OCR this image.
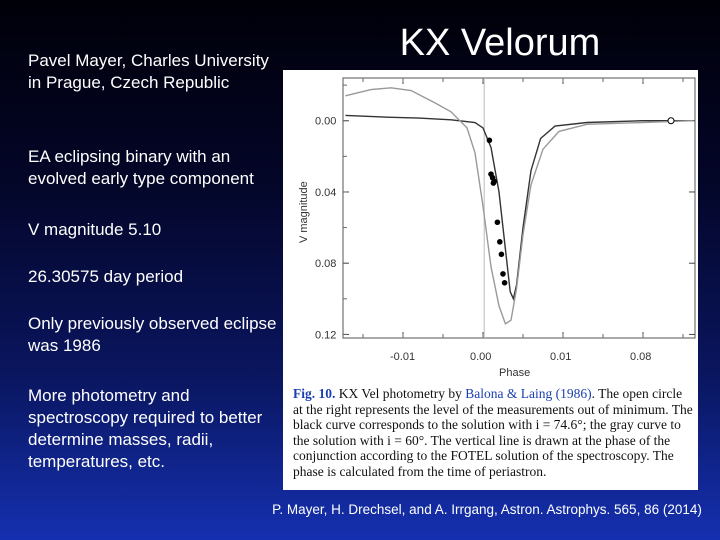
KX Velorum
Pavel Mayer, Charles University in Prague, Czech Republic
EA eclipsing binary with an evolved early type component
V magnitude 5.10
26.30575 day period
Only previously observed eclipse was 1986
More photometry and spectroscopy required to better determine masses, radii, temperatures, etc.
0.00
0.04
0.08
0.12
-0.01	0.00	0.01	0.08
Phase
V magnitude
Fig. 10. KX Vel photometry by Balona & Laing (1986). The open circle at the right represents the level of the measurements out of minimum. The black curve corresponds to the solution with i = 74.6°; the gray curve to the solution with i = 60°. The vertical line is drawn at the phase of the conjunction according to the FOTEL solution of the spectroscopy. The phase is calculated from the time of periastron.
P. Mayer, H. Drechsel, and A. Irrgang, Astron. Astrophys. 565, 86 (2014)
